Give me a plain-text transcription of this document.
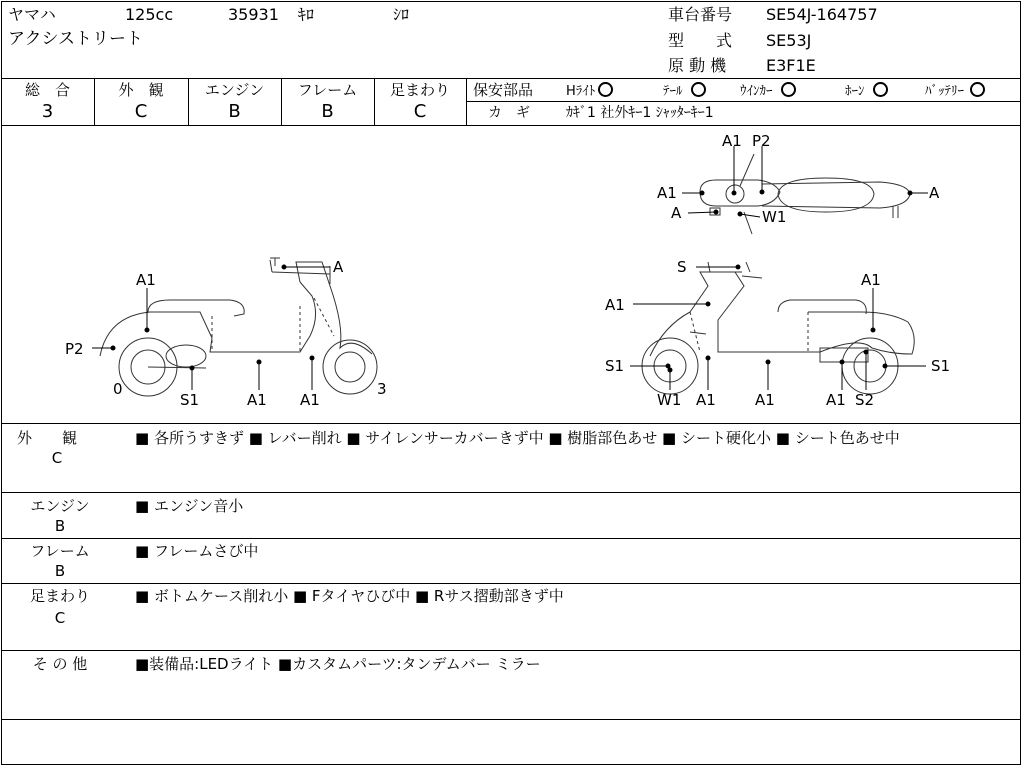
ヤマハ	125cc	35931 ｷﾛ	ｼﾛ
アクシストリート
車台番号 SE54J-164757
型　　式 SE53J
原 動 機 E3F1E
総　合
3
外　観
C
エンジン
B
フレーム
B
足まわり
C
保安部品	Hﾗｲﾄ	ﾃｰﾙ	ｳｲﾝｶｰ	ﾎｰﾝ	ﾊﾞｯﾃﾘｰ
カ　ギ	ｶｷﾞ1 社外ｷｰ1 ｼｬｯﾀｰｷｰ1
A1 P2
A1	A
A	W1
A1
A
P2
0
S1	A1 A1
3
S
A1
A1
S1	S1
W1 A1	A1	A1 S2
外　　観
C
■ 各所うすきず ■ レバー削れ ■ サイレンサーカバーきず中 ■ 樹脂部色あせ ■ シート硬化小 ■ シート色あせ中
エンジン
B
■ エンジン音小
フレーム
B
■ フレームさび中
足まわり
C
■ ボトムケース削れ小 ■ Fタイヤひび中 ■ Rサス摺動部きず中
そ の 他	■装備品:LEDライト ■カスタムパーツ:タンデムバー ミラー
